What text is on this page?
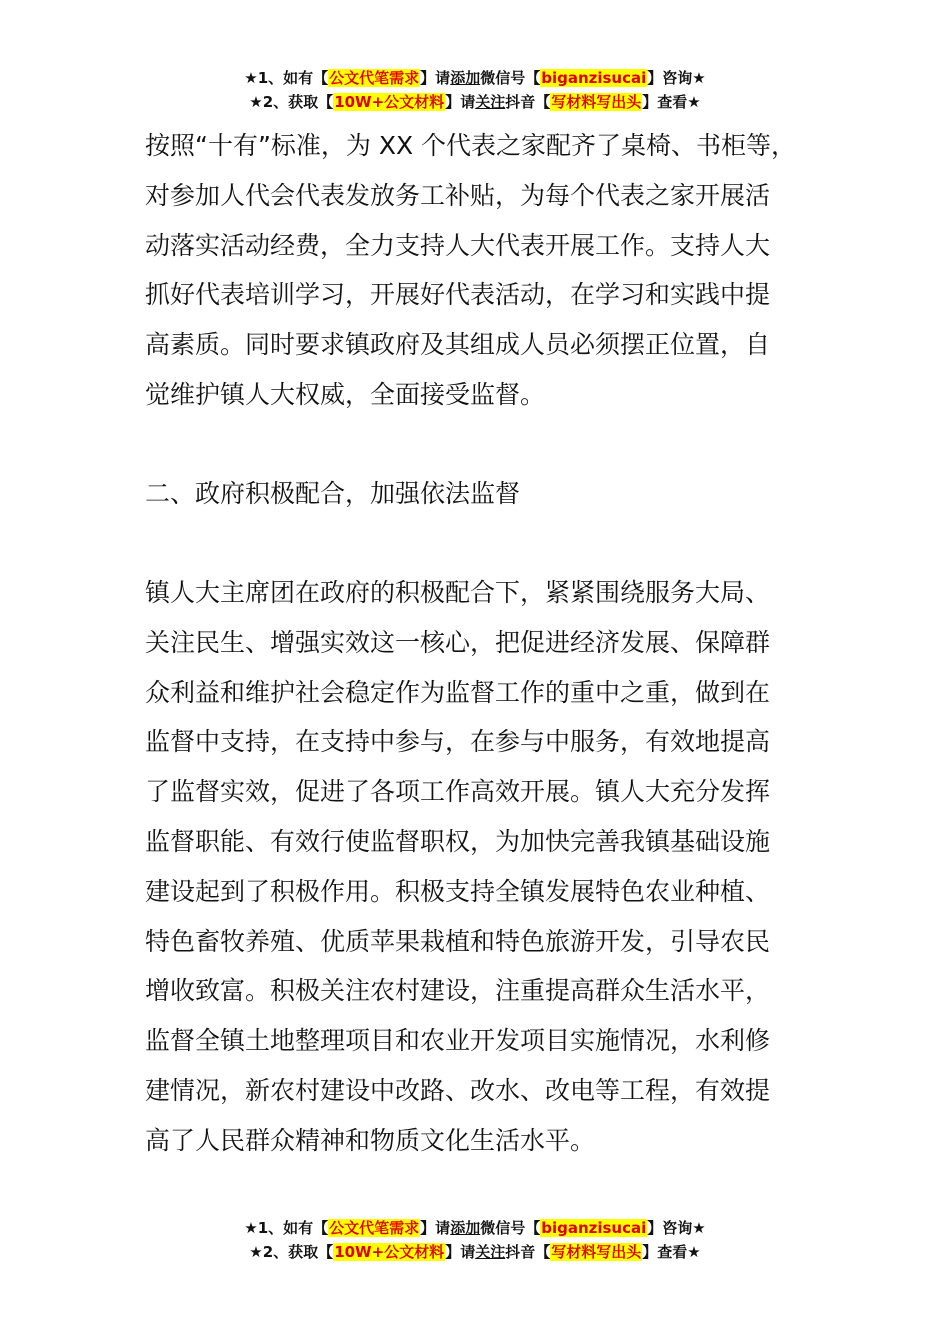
★1、如有【公文代笔需求】请添加微信号【biganzisucai】咨询★
★2、获取【10W+公文材料】请关注抖音【写材料写出头】查看★
按照“十有”标准，为 XX 个代表之家配齐了桌椅、书柜等，
对参加人代会代表发放务工补贴，为每个代表之家开展活
动落实活动经费，全力支持人大代表开展工作。支持人大
抓好代表培训学习，开展好代表活动，在学习和实践中提
高素质。同时要求镇政府及其组成人员必须摆正位置，自
觉维护镇人大权威，全面接受监督。
二、政府积极配合，加强依法监督
镇人大主席团在政府的积极配合下，紧紧围绕服务大局、
关注民生、增强实效这一核心，把促进经济发展、保障群
众利益和维护社会稳定作为监督工作的重中之重，做到在
监督中支持，在支持中参与，在参与中服务，有效地提高
了监督实效，促进了各项工作高效开展。镇人大充分发挥
监督职能、有效行使监督职权，为加快完善我镇基础设施
建设起到了积极作用。积极支持全镇发展特色农业种植、
特色畜牧养殖、优质苹果栽植和特色旅游开发，引导农民
增收致富。积极关注农村建设，注重提高群众生活水平，
监督全镇土地整理项目和农业开发项目实施情况，水利修
建情况，新农村建设中改路、改水、改电等工程，有效提
高了人民群众精神和物质文化生活水平。
★1、如有【公文代笔需求】请添加微信号【biganzisucai】咨询★
★2、获取【10W+公文材料】请关注抖音【写材料写出头】查看★
